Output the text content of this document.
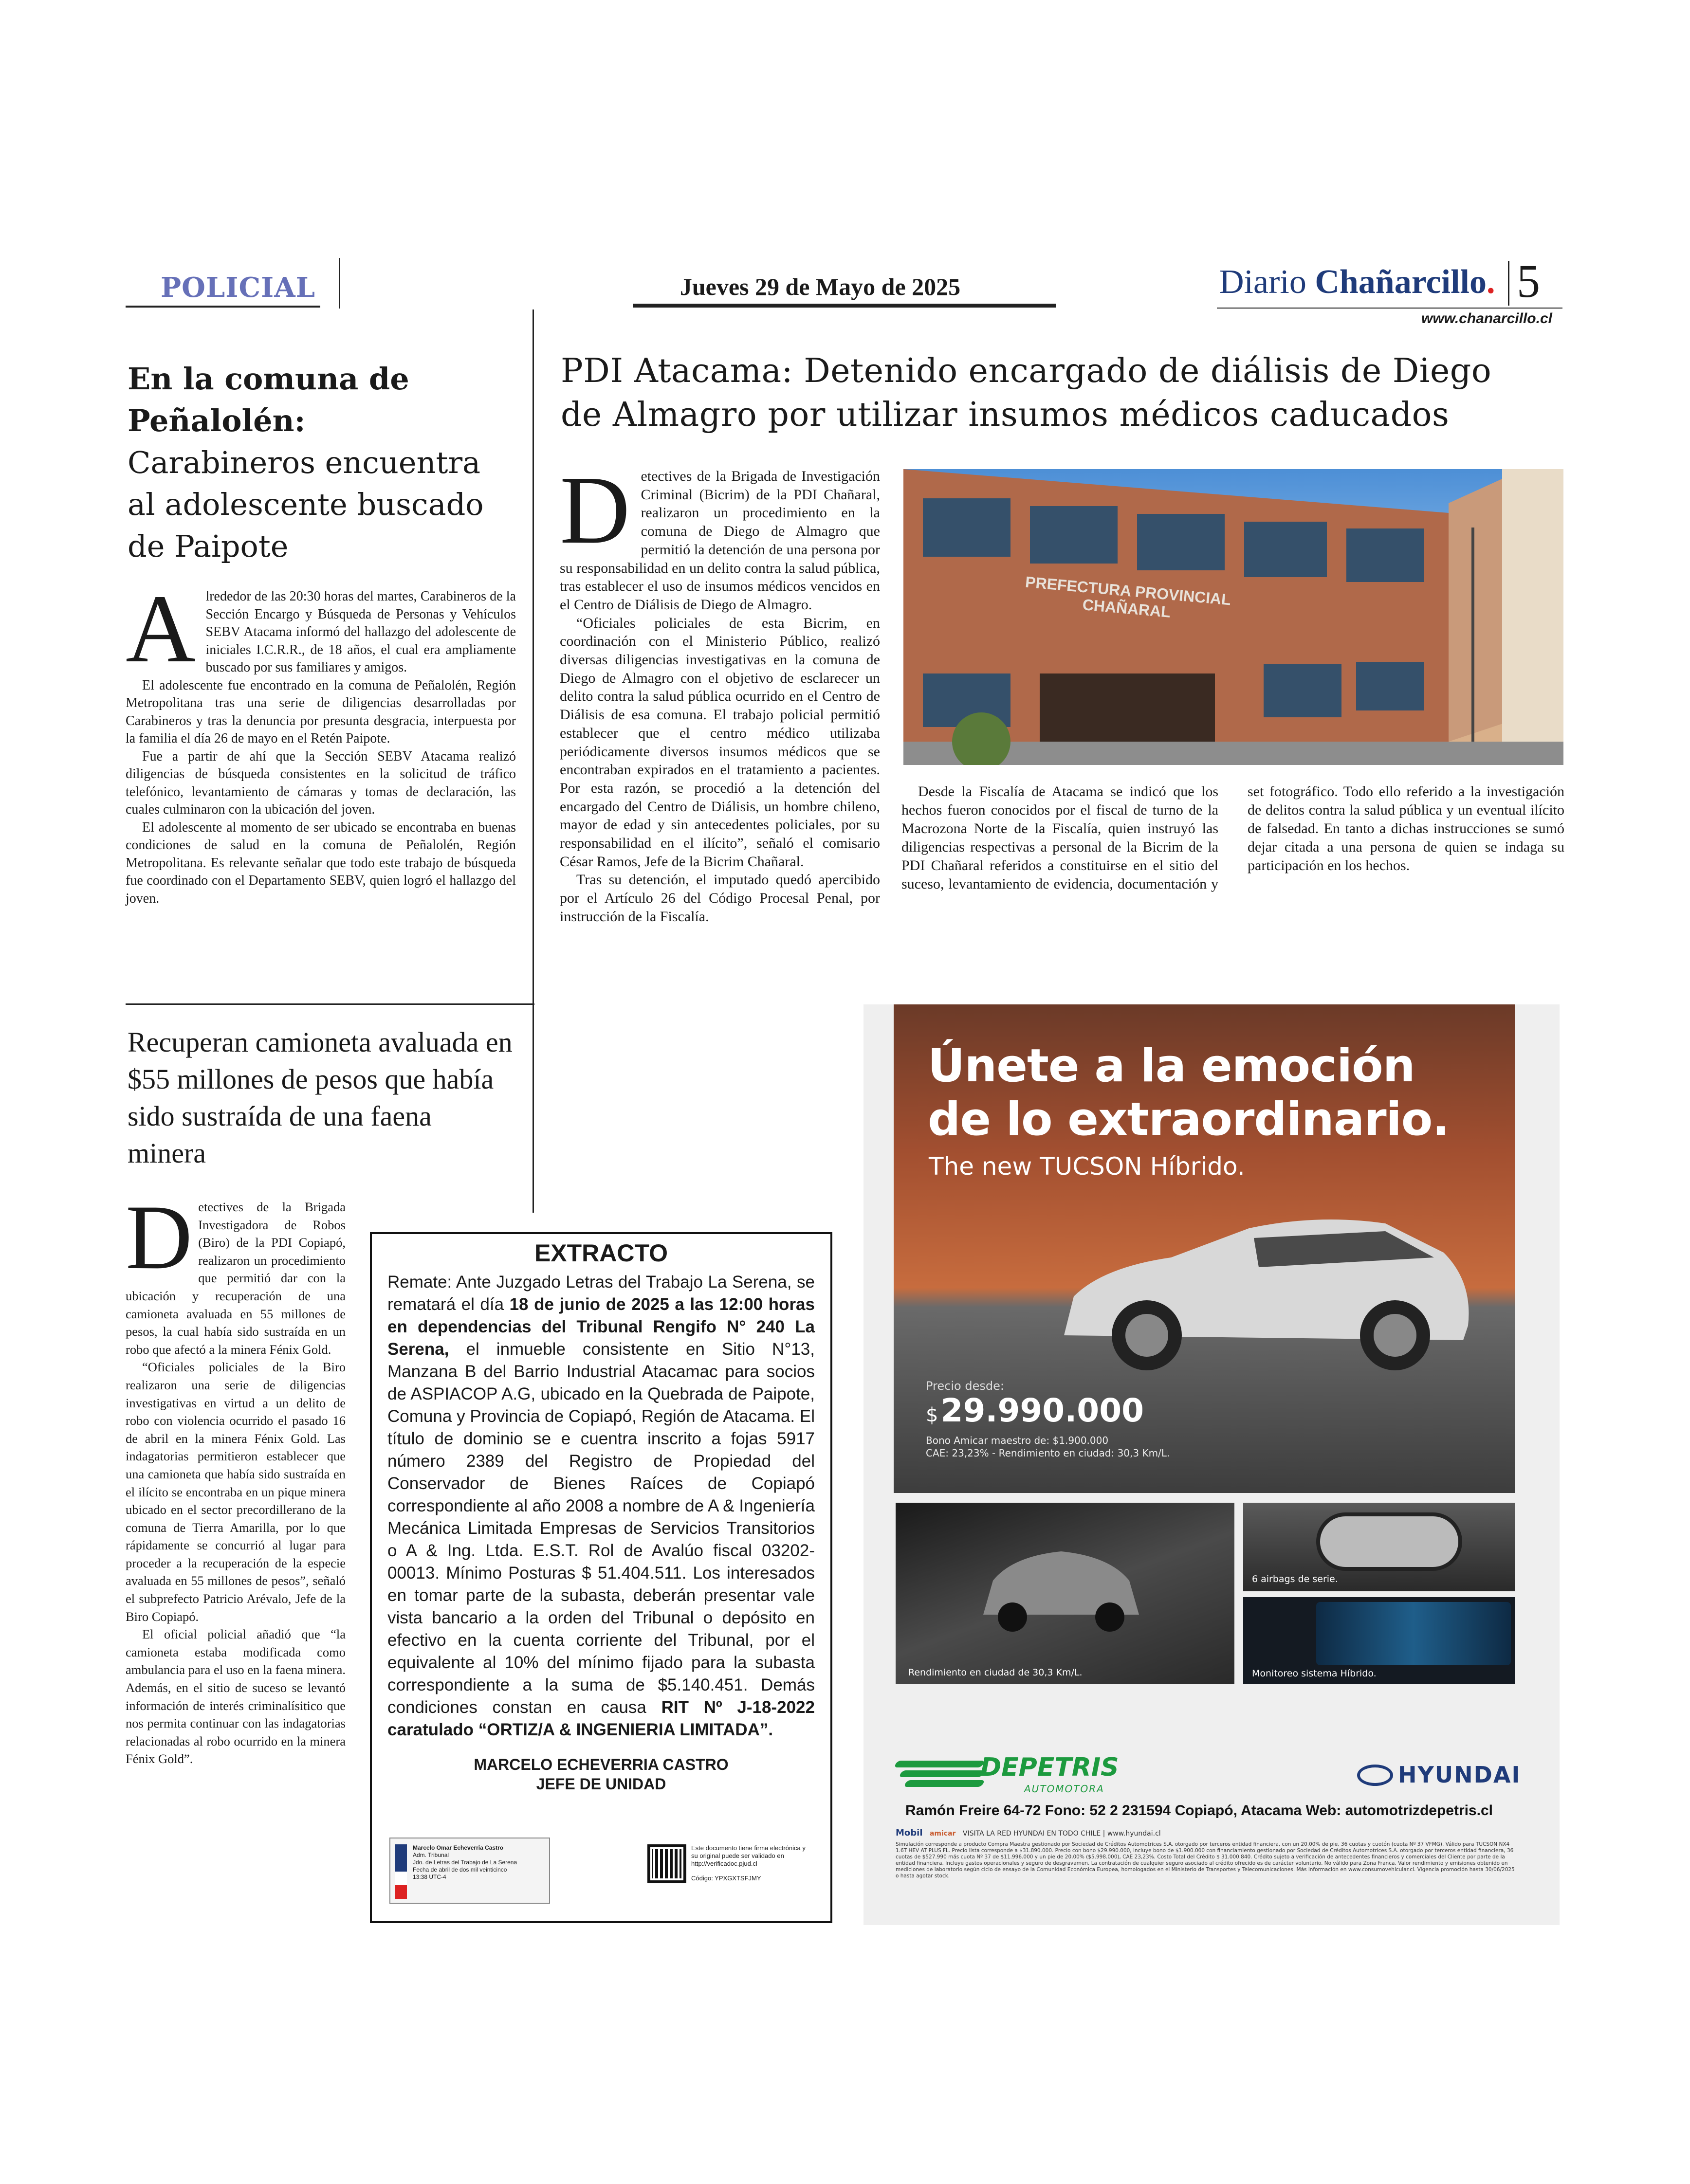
POLICIAL	Jueves 29 de Mayo de 2025	Diario Chañarcillo. 5
www.chanarcillo.cl
En la comuna de Peñalolén:
Carabineros encuentra al adolescente buscado de Paipote
A lrededor de las 20:30 horas del martes, Carabineros de la Sección Encargo y Búsqueda de Personas y Vehículos SEBV Atacama informó del hallazgo del adolescente de iniciales I.C.R.R., de 18 años, el cual era ampliamente buscado por sus familiares y amigos.

El adolescente fue encontrado en la comuna de Peñalolén, Región Metropolitana tras una serie de diligencias desarrolladas por Carabineros y tras la denuncia por presunta desgracia, interpuesta por la familia el día 26 de mayo en el Retén Paipote.

Fue a partir de ahí que la Sección SEBV Atacama realizó diligencias de búsqueda consistentes en la solicitud de tráfico telefónico, levantamiento de cámaras y tomas de declaración, las cuales culminaron con la ubicación del joven.

El adolescente al momento de ser ubicado se encontraba en buenas condiciones de salud en la comuna de Peñalolén, Región Metropolitana. Es relevante señalar que todo este trabajo de búsqueda fue coordinado con el Departamento SEBV, quien logró el hallazgo del joven.

Recuperan camioneta avaluada en $55 millones de pesos que había sido sustraída de una faena minera
D etectives de la Brigada Investigadora de Robos (Biro) de la PDI Copiapó, realizaron un procedimiento que permitió dar con la ubicación y recuperación de una camioneta avaluada en 55 millones de pesos, la cual había sido sustraída en un robo que afectó a la minera Fénix Gold.

“Oficiales policiales de la Biro realizaron una serie de diligencias investigativas en virtud a un delito de robo con violencia ocurrido el pasado 16 de abril en la minera Fénix Gold. Las indagatorias permitieron establecer que una camioneta que había sido sustraída en el ilícito se encontraba en un pique minera ubicado en el sector precordillerano de la comuna de Tierra Amarilla, por lo que rápidamente se concurrió al lugar para proceder a la recuperación de la especie avaluada en 55 millones de pesos”, señaló el subprefecto Patricio Arévalo, Jefe de la Biro Copiapó.

El oficial policial añadió que “la camioneta estaba modificada como ambulancia para el uso en la faena minera. Además, en el sitio de suceso se levantó información de interés criminalísitico que nos permita continuar con las indagatorias relacionadas al robo ocurrido en la minera Fénix Gold”.

EXTRACTO
Remate: Ante Juzgado Letras del Trabajo La Serena, se rematará el día 18 de junio de 2025 a las 12:00 horas en dependencias del Tribunal Rengifo N° 240 La Serena, el inmueble consistente en Sitio N°13, Manzana B del Barrio Industrial Atacamac para socios de ASPIACOP A.G, ubicado en la Quebrada de Paipote, Comuna y Provincia de Copiapó, Región de Atacama. El título de dominio se e cuentra inscrito a fojas 5917 número 2389 del Registro de Propiedad del Conservador de Bienes Raíces de Copiapó correspondiente al año 2008 a nombre de A & Ingeniería Mecánica Limitada Empresas de Servicios Transitorios o A & Ing. Ltda. E.S.T. Rol de Avalúo fiscal 03202-00013. Mínimo Posturas $ 51.404.511. Los interesados en tomar parte de la subasta, deberán presentar vale vista bancario a la orden del Tribunal o depósito en efectivo en la cuenta corriente del Tribunal, por el equivalente al 10% del mínimo fijado para la subasta correspondiente a la suma de $5.140.451. Demás condiciones constan en causa RIT Nº J-18-2022 caratulado “ORTIZ/A & INGENIERIA LIMITADA”.
MARCELO ECHEVERRIA CASTRO
JEFE DE UNIDAD
Marcelo Omar Echeverria Castro
Adm. Tribunal
Jdo. de Letras del Trabajo de La Serena
Fecha de abril de dos mil veinticinco
13:38 UTC-4
Este documento tiene firma electrónica y su original puede ser validado en http://verificadoc.pjud.cl
Código: YPXGXTSFJMY
PDI Atacama: Detenido encargado de diálisis de Diego de Almagro por utilizar insumos médicos caducados
D etectives de la Brigada de Investigación Criminal (Bicrim) de la PDI Chañaral, realizaron un procedimiento en la comuna de Diego de Almagro que permitió la detención de una persona por su responsabilidad en un delito contra la salud pública, tras establecer el uso de insumos médicos vencidos en el Centro de Diálisis de Diego de Almagro.

“Oficiales policiales de esta Bicrim, en coordinación con el Ministerio Público, realizó diversas diligencias investigativas en la comuna de Diego de Almagro con el objetivo de esclarecer un delito contra la salud pública ocurrido en el Centro de Diálisis de esa comuna. El trabajo policial permitió establecer que el centro médico utilizaba periódicamente diversos insumos médicos que se encontraban expirados en el tratamiento a pacientes. Por esta razón, se procedió a la detención del encargado del Centro de Diálisis, un hombre chileno, mayor de edad y sin antecedentes policiales, por su responsabilidad en el ilícito”, señaló el comisario César Ramos, Jefe de la Bicrim Chañaral.

Tras su detención, el imputado quedó apercibido por el Artículo 26 del Código Procesal Penal, por instrucción de la Fiscalía.

PREFECTURA PROVINCIAL CHAÑARAL

Desde la Fiscalía de Atacama se indicó que los hechos fueron conocidos por el fiscal de turno de la Macrozona Norte de la Fiscalía, quien instruyó las diligencias respectivas a personal de la Bicrim de la PDI Chañaral referidos a constituirse en el sitio del suceso, levantamiento de evidencia, documentación y set fotográfico. Todo ello referido a la investigación de delitos contra la salud pública y un eventual ilícito de falsedad. En tanto a dichas instrucciones se sumó dejar citada a una persona de quien se indaga su participación en los hechos.

Únete a la emoción
de lo extraordinario.
The new TUCSON Híbrido.
Precio desde:
$ 29.990.000
Bono Amicar maestro de: $1.900.000
CAE: 23,23% - Rendimiento en ciudad: 30,3 Km/L.
Rendimiento en ciudad de 30,3 Km/L.
6 airbags de serie.
Monitoreo sistema Híbrido.
DEPETRIS
AUTOMOTORA
HYUNDAI
Ramón Freire 64-72 Fono: 52 2 231594 Copiapó, Atacama Web: automotrizdepetris.cl
Mobil amicar VISITA LA RED HYUNDAI EN TODO CHILE | www.hyundai.cl
Simulación corresponde a producto Compra Maestra gestionado por Sociedad de Créditos Automotrices S.A. otorgado por terceros entidad financiera, con un 20,00% de pie, 36 cuotas y cuotón (cuota Nº 37 VFMG). Válido para TUCSON NX4 1.6T HEV AT PLUS FL. Precio lista corresponde a $31.890.000. Precio con bono $29.990.000, incluye bono de $1.900.000 con financiamiento gestionado por Sociedad de Créditos Automotrices S.A. otorgado por terceros entidad financiera, 36 cuotas de $527.990 más cuota Nº 37 de $11.996.000 y un pie de 20,00% ($5.998.000), CAE 23,23%. Costo Total del Crédito $ 31.000.840. Crédito sujeto a verificación de antecedentes financieros y comerciales del Cliente por parte de la entidad financiera. Incluye gastos operacionales y seguro de desgravamen. La contratación de cualquier seguro asociado al crédito ofrecido es de carácter voluntario. No válido para Zona Franca. Valor rendimiento y emisiones obtenido en mediciones de laboratorio según ciclo de ensayo de la Comunidad Económica Europea, homologados en el Ministerio de Transportes y Telecomunicaciones. Más información en www.consumovehicular.cl. Vigencia promoción hasta 30/06/2025 o hasta agotar stock.
